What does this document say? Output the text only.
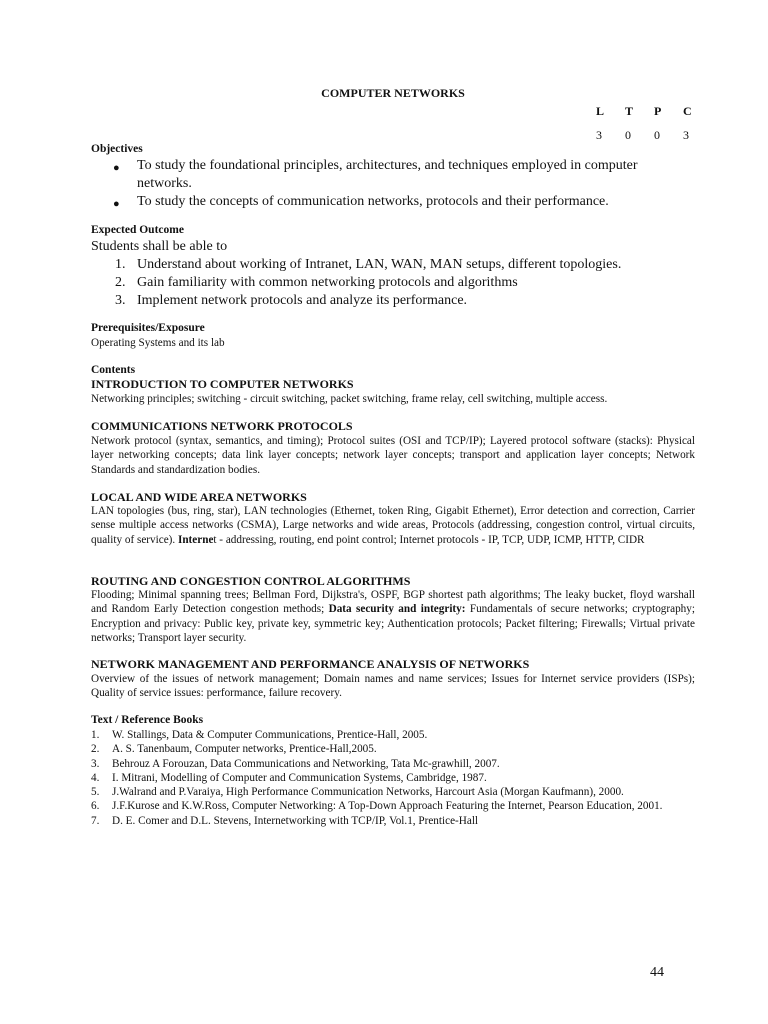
COMPUTER NETWORKS
L	T	P	C
3	0	0	3
Objectives
●	To study the foundational principles, architectures, and techniques employed in computer networks.
●	To study the concepts of communication networks, protocols and their performance.
Expected Outcome
Students shall be able to
1. Understand about working of Intranet, LAN, WAN, MAN setups, different topologies.
2. Gain familiarity with common networking protocols and algorithms
3. Implement network protocols and analyze its performance.
Prerequisites/Exposure
Operating Systems and its lab
Contents
INTRODUCTION TO COMPUTER NETWORKS
Networking principles; switching - circuit switching, packet switching, frame relay, cell switching, multiple access.
COMMUNICATIONS NETWORK PROTOCOLS
Network protocol (syntax, semantics, and timing); Protocol suites (OSI and TCP/IP); Layered protocol software (stacks): Physical layer networking concepts; data link layer concepts; network layer concepts; transport and application layer concepts; Network Standards and standardization bodies.
LOCAL AND WIDE AREA NETWORKS
LAN topologies (bus, ring, star), LAN technologies (Ethernet, token Ring, Gigabit Ethernet), Error detection and correction, Carrier sense multiple access networks (CSMA), Large networks and wide areas, Protocols (addressing, congestion control, virtual circuits, quality of service). Internet - addressing, routing, end point control; Internet protocols - IP, TCP, UDP, ICMP, HTTP, CIDR
ROUTING AND CONGESTION CONTROL ALGORITHMS
Flooding; Minimal spanning trees; Bellman Ford, Dijkstra's, OSPF, BGP shortest path algorithms; The leaky bucket, floyd warshall and Random Early Detection congestion methods; Data security and integrity: Fundamentals of secure networks; cryptography; Encryption and privacy: Public key, private key, symmetric key; Authentication protocols; Packet filtering; Firewalls; Virtual private networks; Transport layer security.
NETWORK MANAGEMENT AND PERFORMANCE ANALYSIS OF NETWORKS
Overview of the issues of network management; Domain names and name services; Issues for Internet service providers (ISPs); Quality of service issues: performance, failure recovery.
Text / Reference Books
1.	W. Stallings, Data & Computer Communications, Prentice-Hall, 2005.
2.	A. S. Tanenbaum, Computer networks, Prentice-Hall,2005.
3.	Behrouz A Forouzan, Data Communications and Networking, Tata Mc-grawhill, 2007.
4.	I. Mitrani, Modelling of Computer and Communication Systems, Cambridge, 1987.
5.	J.Walrand and P.Varaiya, High Performance Communication Networks, Harcourt Asia (Morgan Kaufmann), 2000.
6.	J.F.Kurose and K.W.Ross, Computer Networking: A Top-Down Approach Featuring the Internet, Pearson Education, 2001.
7.	D. E. Comer and D.L. Stevens, Internetworking with TCP/IP, Vol.1, Prentice-Hall
44
